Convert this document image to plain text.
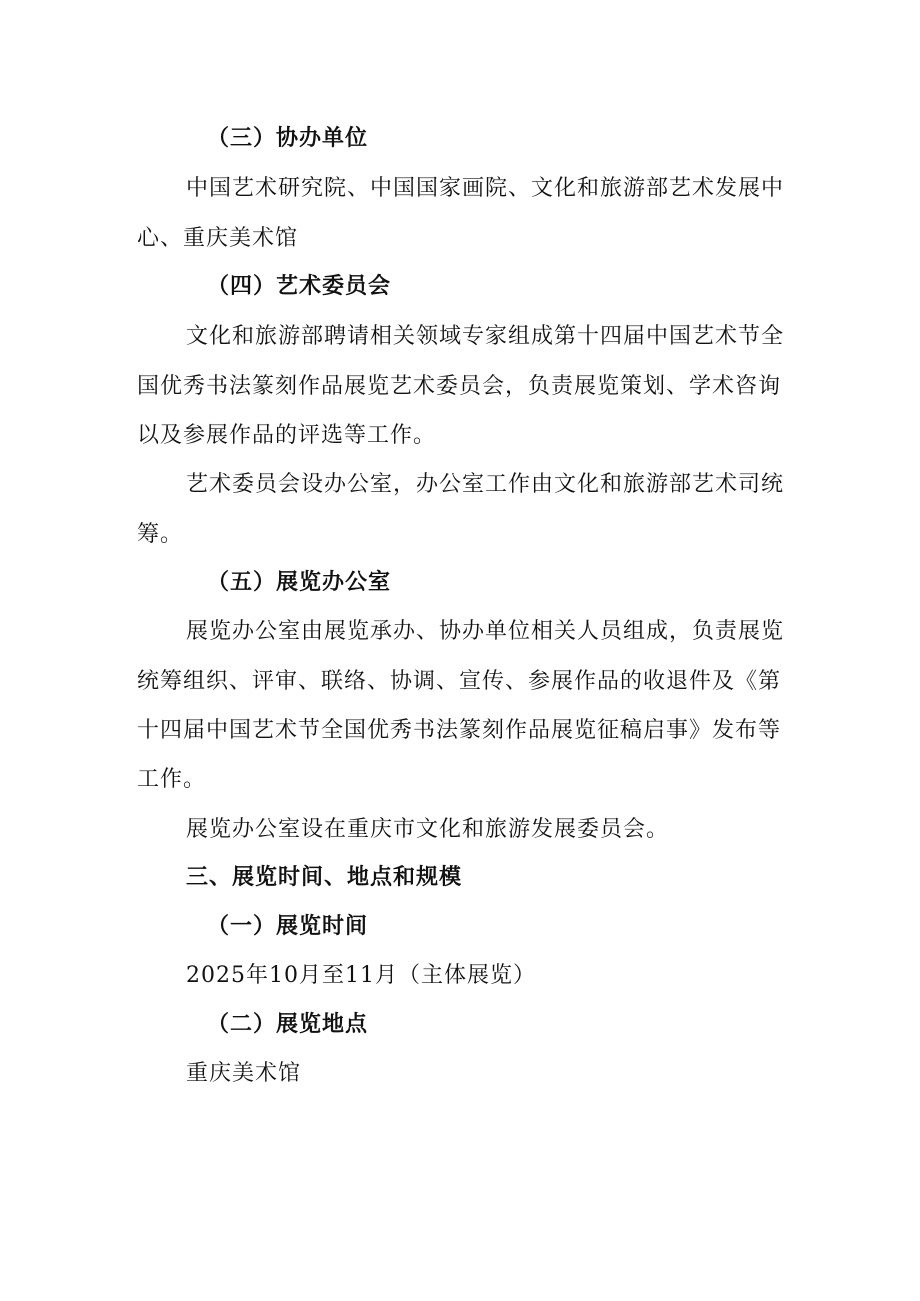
（三）协办单位
中国艺术研究院、中国国家画院、文化和旅游部艺术发展中
心、重庆美术馆
（四）艺术委员会
文化和旅游部聘请相关领域专家组成第十四届中国艺术节全
国优秀书法篆刻作品展览艺术委员会，负责展览策划、学术咨询
以及参展作品的评选等工作。
艺术委员会设办公室，办公室工作由文化和旅游部艺术司统
筹。
（五）展览办公室
展览办公室由展览承办、协办单位相关人员组成，负责展览
统筹组织、评审、联络、协调、宣传、参展作品的收退件及《第
十四届中国艺术节全国优秀书法篆刻作品展览征稿启事》发布等
工作。
展览办公室设在重庆市文化和旅游发展委员会。
三、展览时间、地点和规模
（一）展览时间
2025年10月至11月（主体展览）
（二）展览地点
重庆美术馆
